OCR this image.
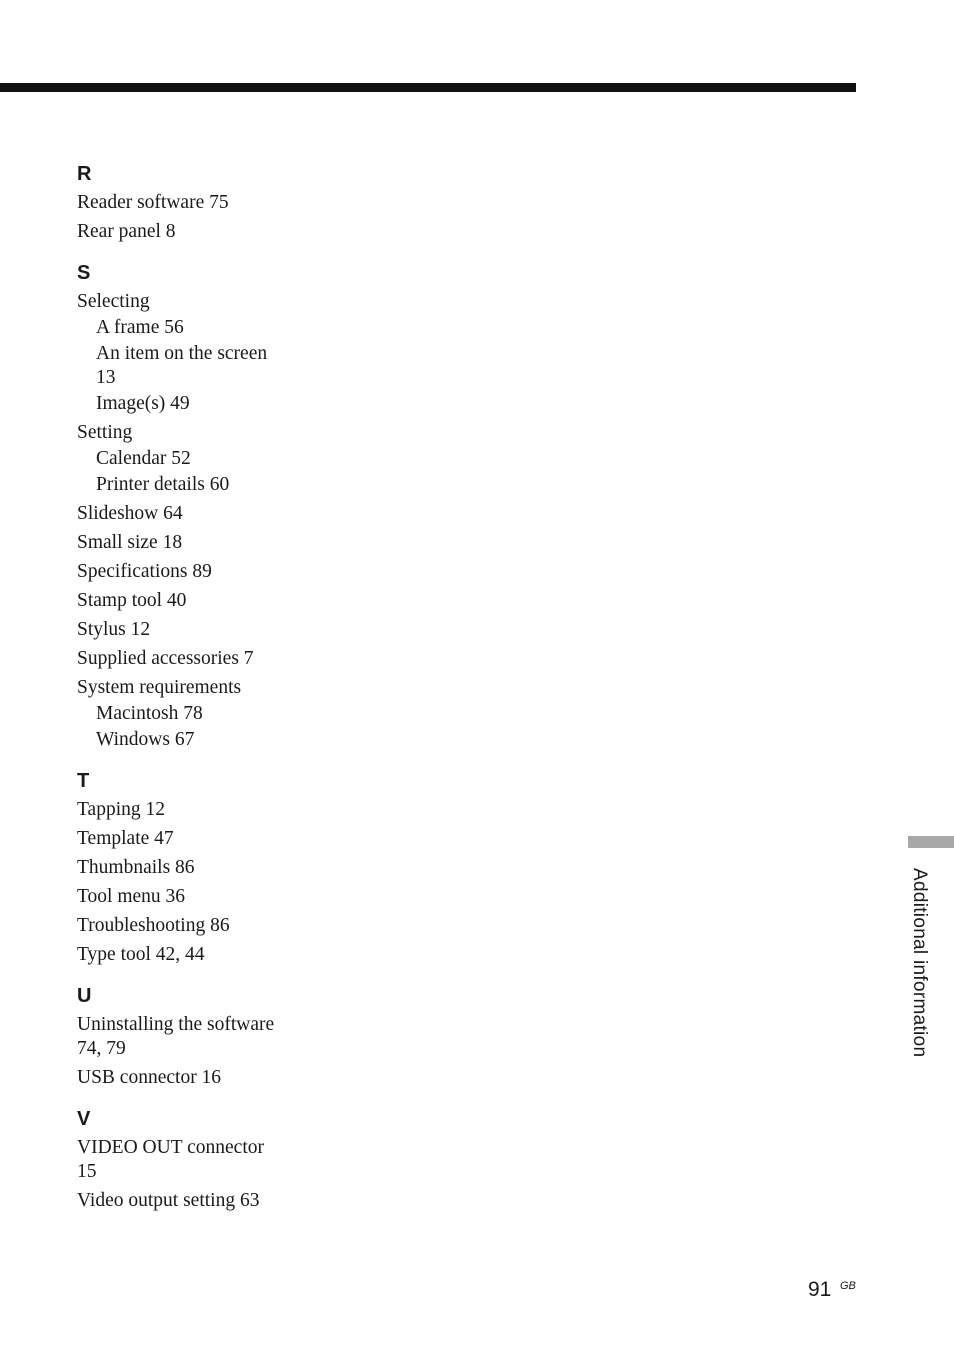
R
Reader software 75
Rear panel 8
S
Selecting
A frame 56
An item on the screen
13
Image(s) 49
Setting
Calendar 52
Printer details 60
Slideshow 64
Small size 18
Specifications 89
Stamp tool 40
Stylus 12
Supplied accessories 7
System requirements
Macintosh 78
Windows 67
T
Tapping 12
Template 47
Thumbnails 86
Tool menu 36
Troubleshooting 86
Type tool 42, 44
U
Uninstalling the software
74, 79
USB connector 16
V
VIDEO OUT connector
15
Video output setting 63
Additional information
91 GB
